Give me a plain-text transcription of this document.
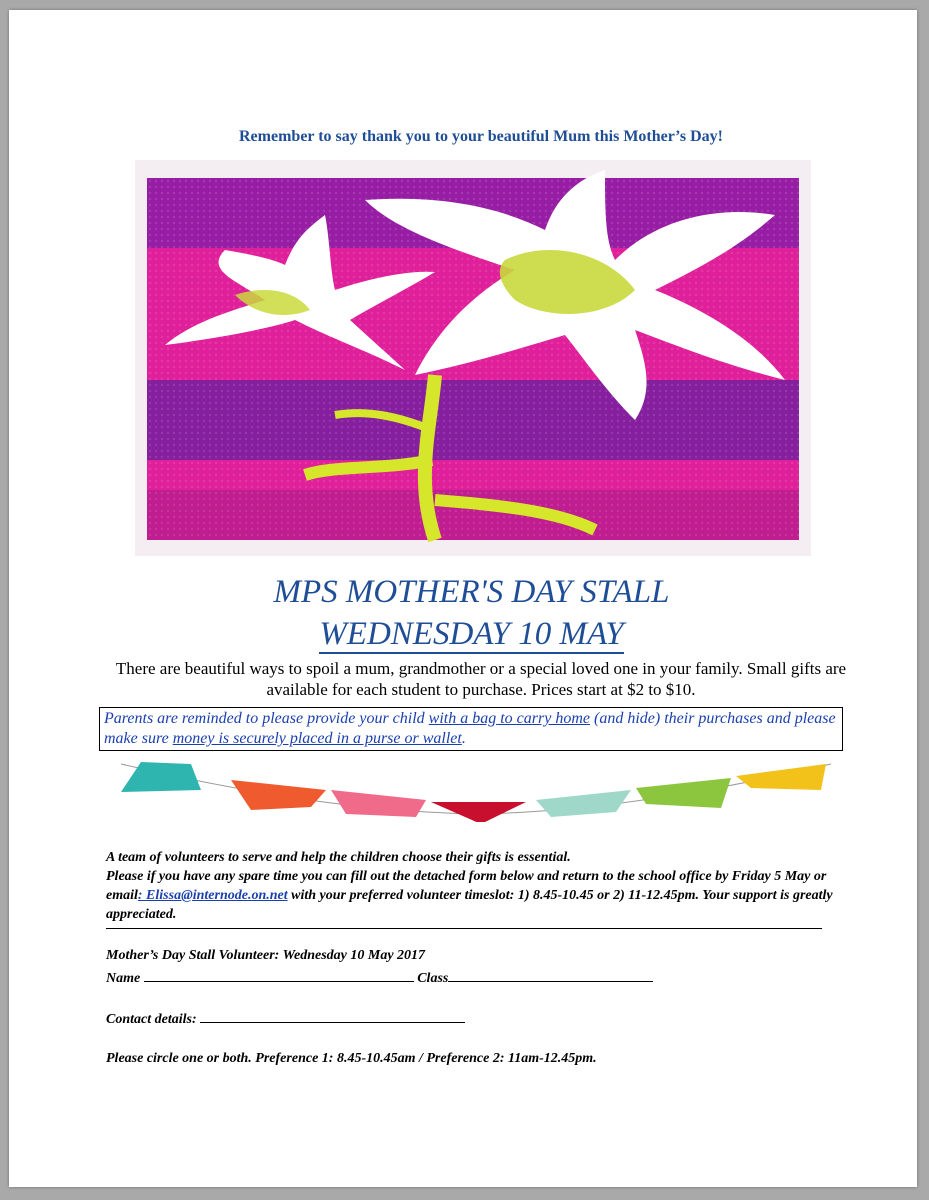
Remember to say thank you to your beautiful Mum this Mother’s Day!
MPS MOTHER'S DAY STALL
WEDNESDAY 10 MAY
There are beautiful ways to spoil a mum, grandmother or a special loved one in your family. Small gifts are available for each student to purchase. Prices start at $2 to $10.
Parents are reminded to please provide your child with a bag to carry home (and hide) their purchases and please make sure money is securely placed in a purse or wallet.
A team of volunteers to serve and help the children choose their gifts is essential.
Please if you have any spare time you can fill out the detached form below and return to the school office by Friday 5 May or email: Elissa@internode.on.net with your preferred volunteer timeslot: 1) 8.45-10.45 or 2) 11-12.45pm. Your support is greatly appreciated.
Mother’s Day Stall Volunteer: Wednesday 10 May 2017
Name	Class
Contact details:
Please circle one or both. Preference 1: 8.45-10.45am / Preference 2: 11am-12.45pm.
